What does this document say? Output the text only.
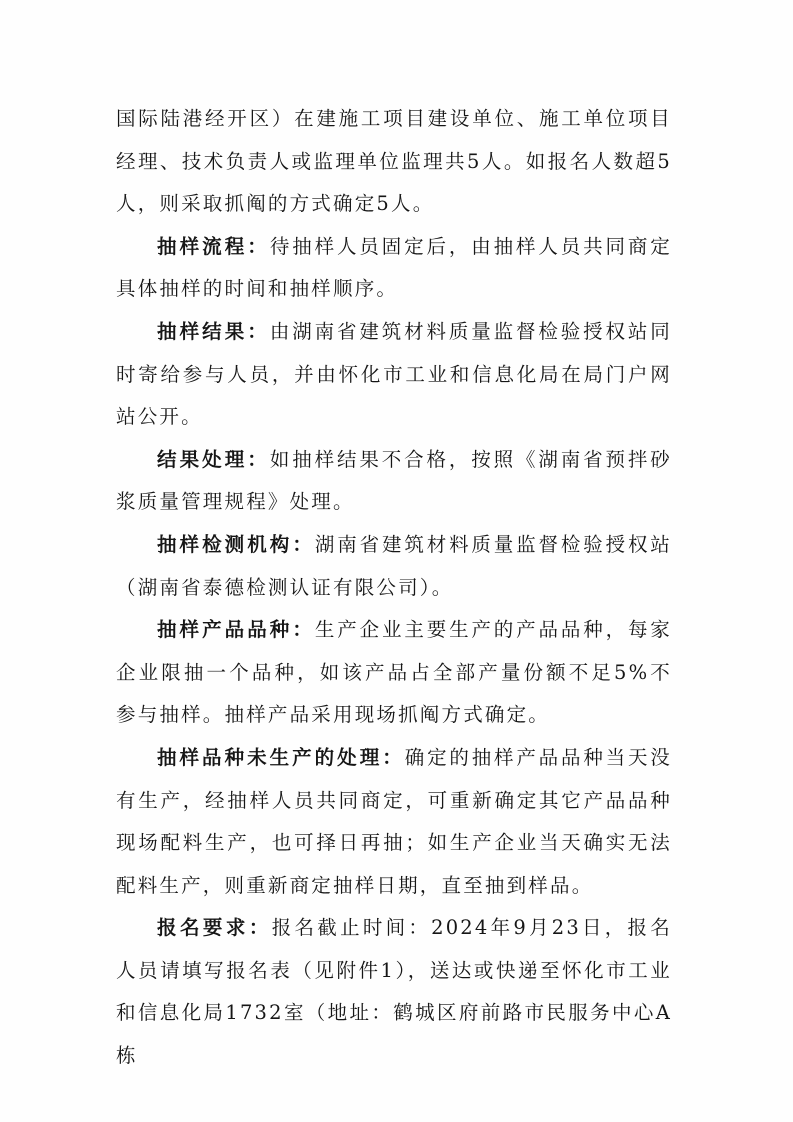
国际陆港经开区）在建施工项目建设单位、施工单位项目经理、技术负责人或监理单位监理共5人。如报名人数超5人，则采取抓阄的方式确定5人。

抽样流程：待抽样人员固定后，由抽样人员共同商定具体抽样的时间和抽样顺序。

抽样结果：由湖南省建筑材料质量监督检验授权站同时寄给参与人员，并由怀化市工业和信息化局在局门户网站公开。

结果处理：如抽样结果不合格，按照《湖南省预拌砂浆质量管理规程》处理。

抽样检测机构：湖南省建筑材料质量监督检验授权站（湖南省泰德检测认证有限公司）。

抽样产品品种：生产企业主要生产的产品品种，每家企业限抽一个品种，如该产品占全部产量份额不足5%不参与抽样。抽样产品采用现场抓阄方式确定。

抽样品种未生产的处理：确定的抽样产品品种当天没有生产，经抽样人员共同商定，可重新确定其它产品品种现场配料生产，也可择日再抽；如生产企业当天确实无法配料生产，则重新商定抽样日期，直至抽到样品。

报名要求：报名截止时间：2024年9月23日，报名人员请填写报名表（见附件1），送达或快递至怀化市工业和信息化局1732室（地址：鹤城区府前路市民服务中心A栋
